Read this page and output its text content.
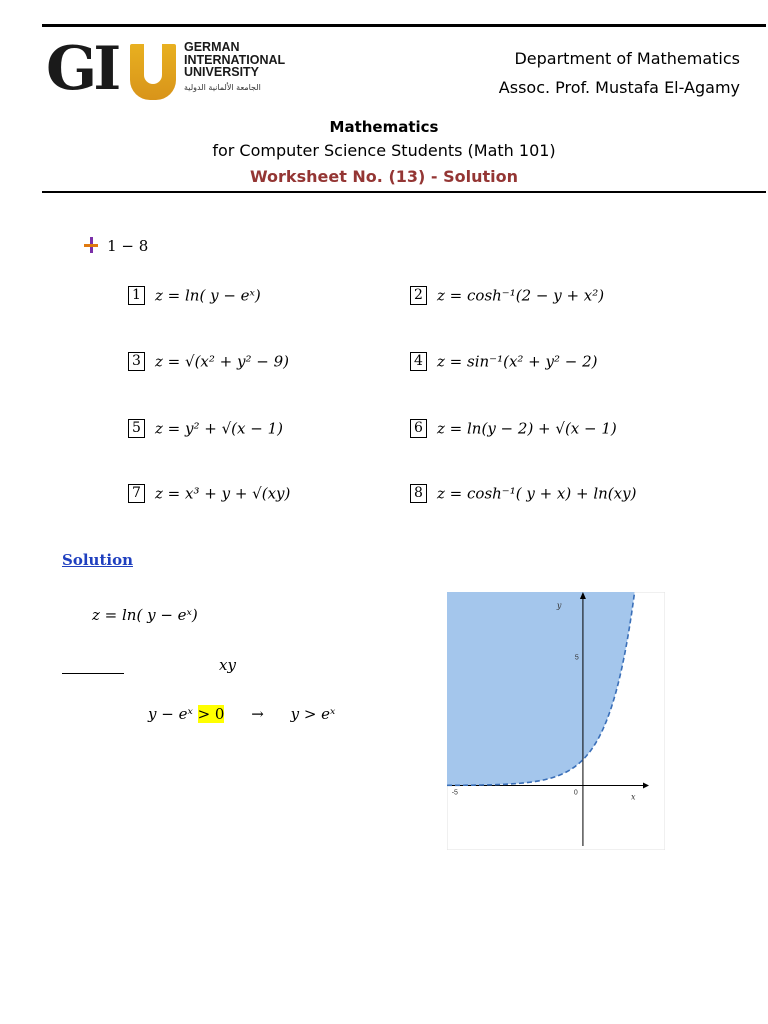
GI	GERMAN
INTERNATIONAL
UNIVERSITY
الجامعة الألمانية الدولية
Department of Mathematics
Assoc. Prof. Mustafa El-Agamy
Mathematics
for Computer Science Students (Math 101)
Worksheet No. (13) - Solution
1 − 8
1 z = ln( y − eˣ)	2 z = cosh⁻¹(2 − y + x²)
3 z = √(x² + y² − 9)	4 z = sin⁻¹(x² + y² − 2)
5 z = y² + √(x − 1)	6 z = ln(y − 2) + √(x − 1)
7 z = x³ + y + √(xy)	8 z = cosh⁻¹( y + x) + ln(xy)
Solution
z = ln( y − eˣ)
xy
y − eˣ > 0 → y > eˣ
-5	0
5
x
y
